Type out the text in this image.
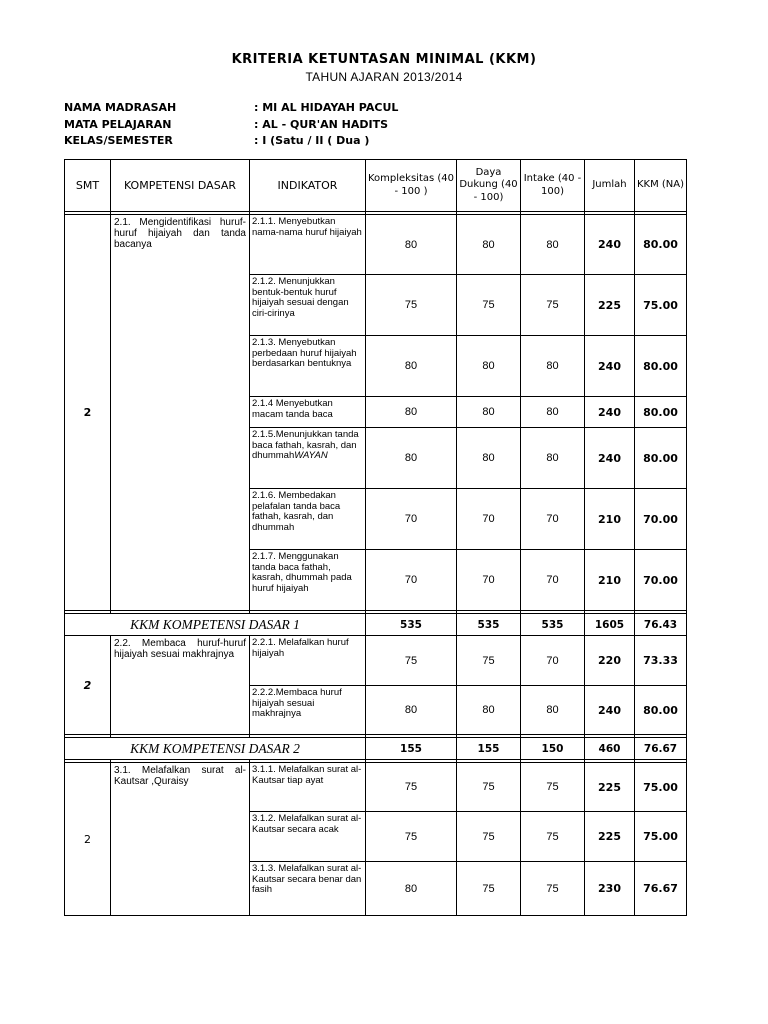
KRITERIA KETUNTASAN MINIMAL (KKM)
TAHUN AJARAN 2013/2014
NAMA MADRASAH	: MI AL HIDAYAH PACUL
MATA PELAJARAN	: AL - QUR'AN HADITS
KELAS/SEMESTER	: I (Satu / II ( Dua )
SMT	KOMPETENSI DASAR	INDIKATOR	Kompleksitas (40 - 100 )	Daya Dukung (40 - 100)	Intake (40 - 100)	Jumlah	KKM (NA)

2	2.1. Mengidentifikasi huruf-huruf hijaiyah dan tanda bacanya	2.1.1. Menyebutkan nama-nama huruf hijaiyah	80	80	80	240	80.00
		2.1.2. Menunjukkan bentuk-bentuk huruf hijaiyah sesuai dengan ciri-cirinya	75	75	75	225	75.00
		2.1.3. Menyebutkan perbedaan huruf hijaiyah berdasarkan bentuknya	80	80	80	240	80.00
		2.1.4 Menyebutkan macam tanda baca	80	80	80	240	80.00
		2.1.5.Menunjukkan tanda baca fathah, kasrah, dan dhummahWAYAN	80	80	80	240	80.00
		2.1.6. Membedakan pelafalan tanda baca fathah, kasrah, dan dhummah	70	70	70	210	70.00
		2.1.7. Menggunakan tanda baca fathah, kasrah, dhummah pada huruf hijaiyah	70	70	70	210	70.00

KKM KOMPETENSI DASAR 1			535	535	535	1605	76.43
2	2.2. Membaca huruf-huruf hijaiyah sesuai makhrajnya	2.2.1. Melafalkan huruf hijaiyah	75	75	70	220	73.33
		2.2.2.Membaca huruf hijaiyah sesuai makhrajnya	80	80	80	240	80.00

KKM KOMPETENSI DASAR 2			155	155	150	460	76.67

2	3.1. Melafalkan surat al-Kautsar ,Quraisy	3.1.1. Melafalkan surat al-Kautsar tiap ayat	75	75	75	225	75.00
		3.1.2. Melafalkan surat al-Kautsar secara acak	75	75	75	225	75.00
		3.1.3. Melafalkan surat al-Kautsar secara benar dan fasih	80	75	75	230	76.67
